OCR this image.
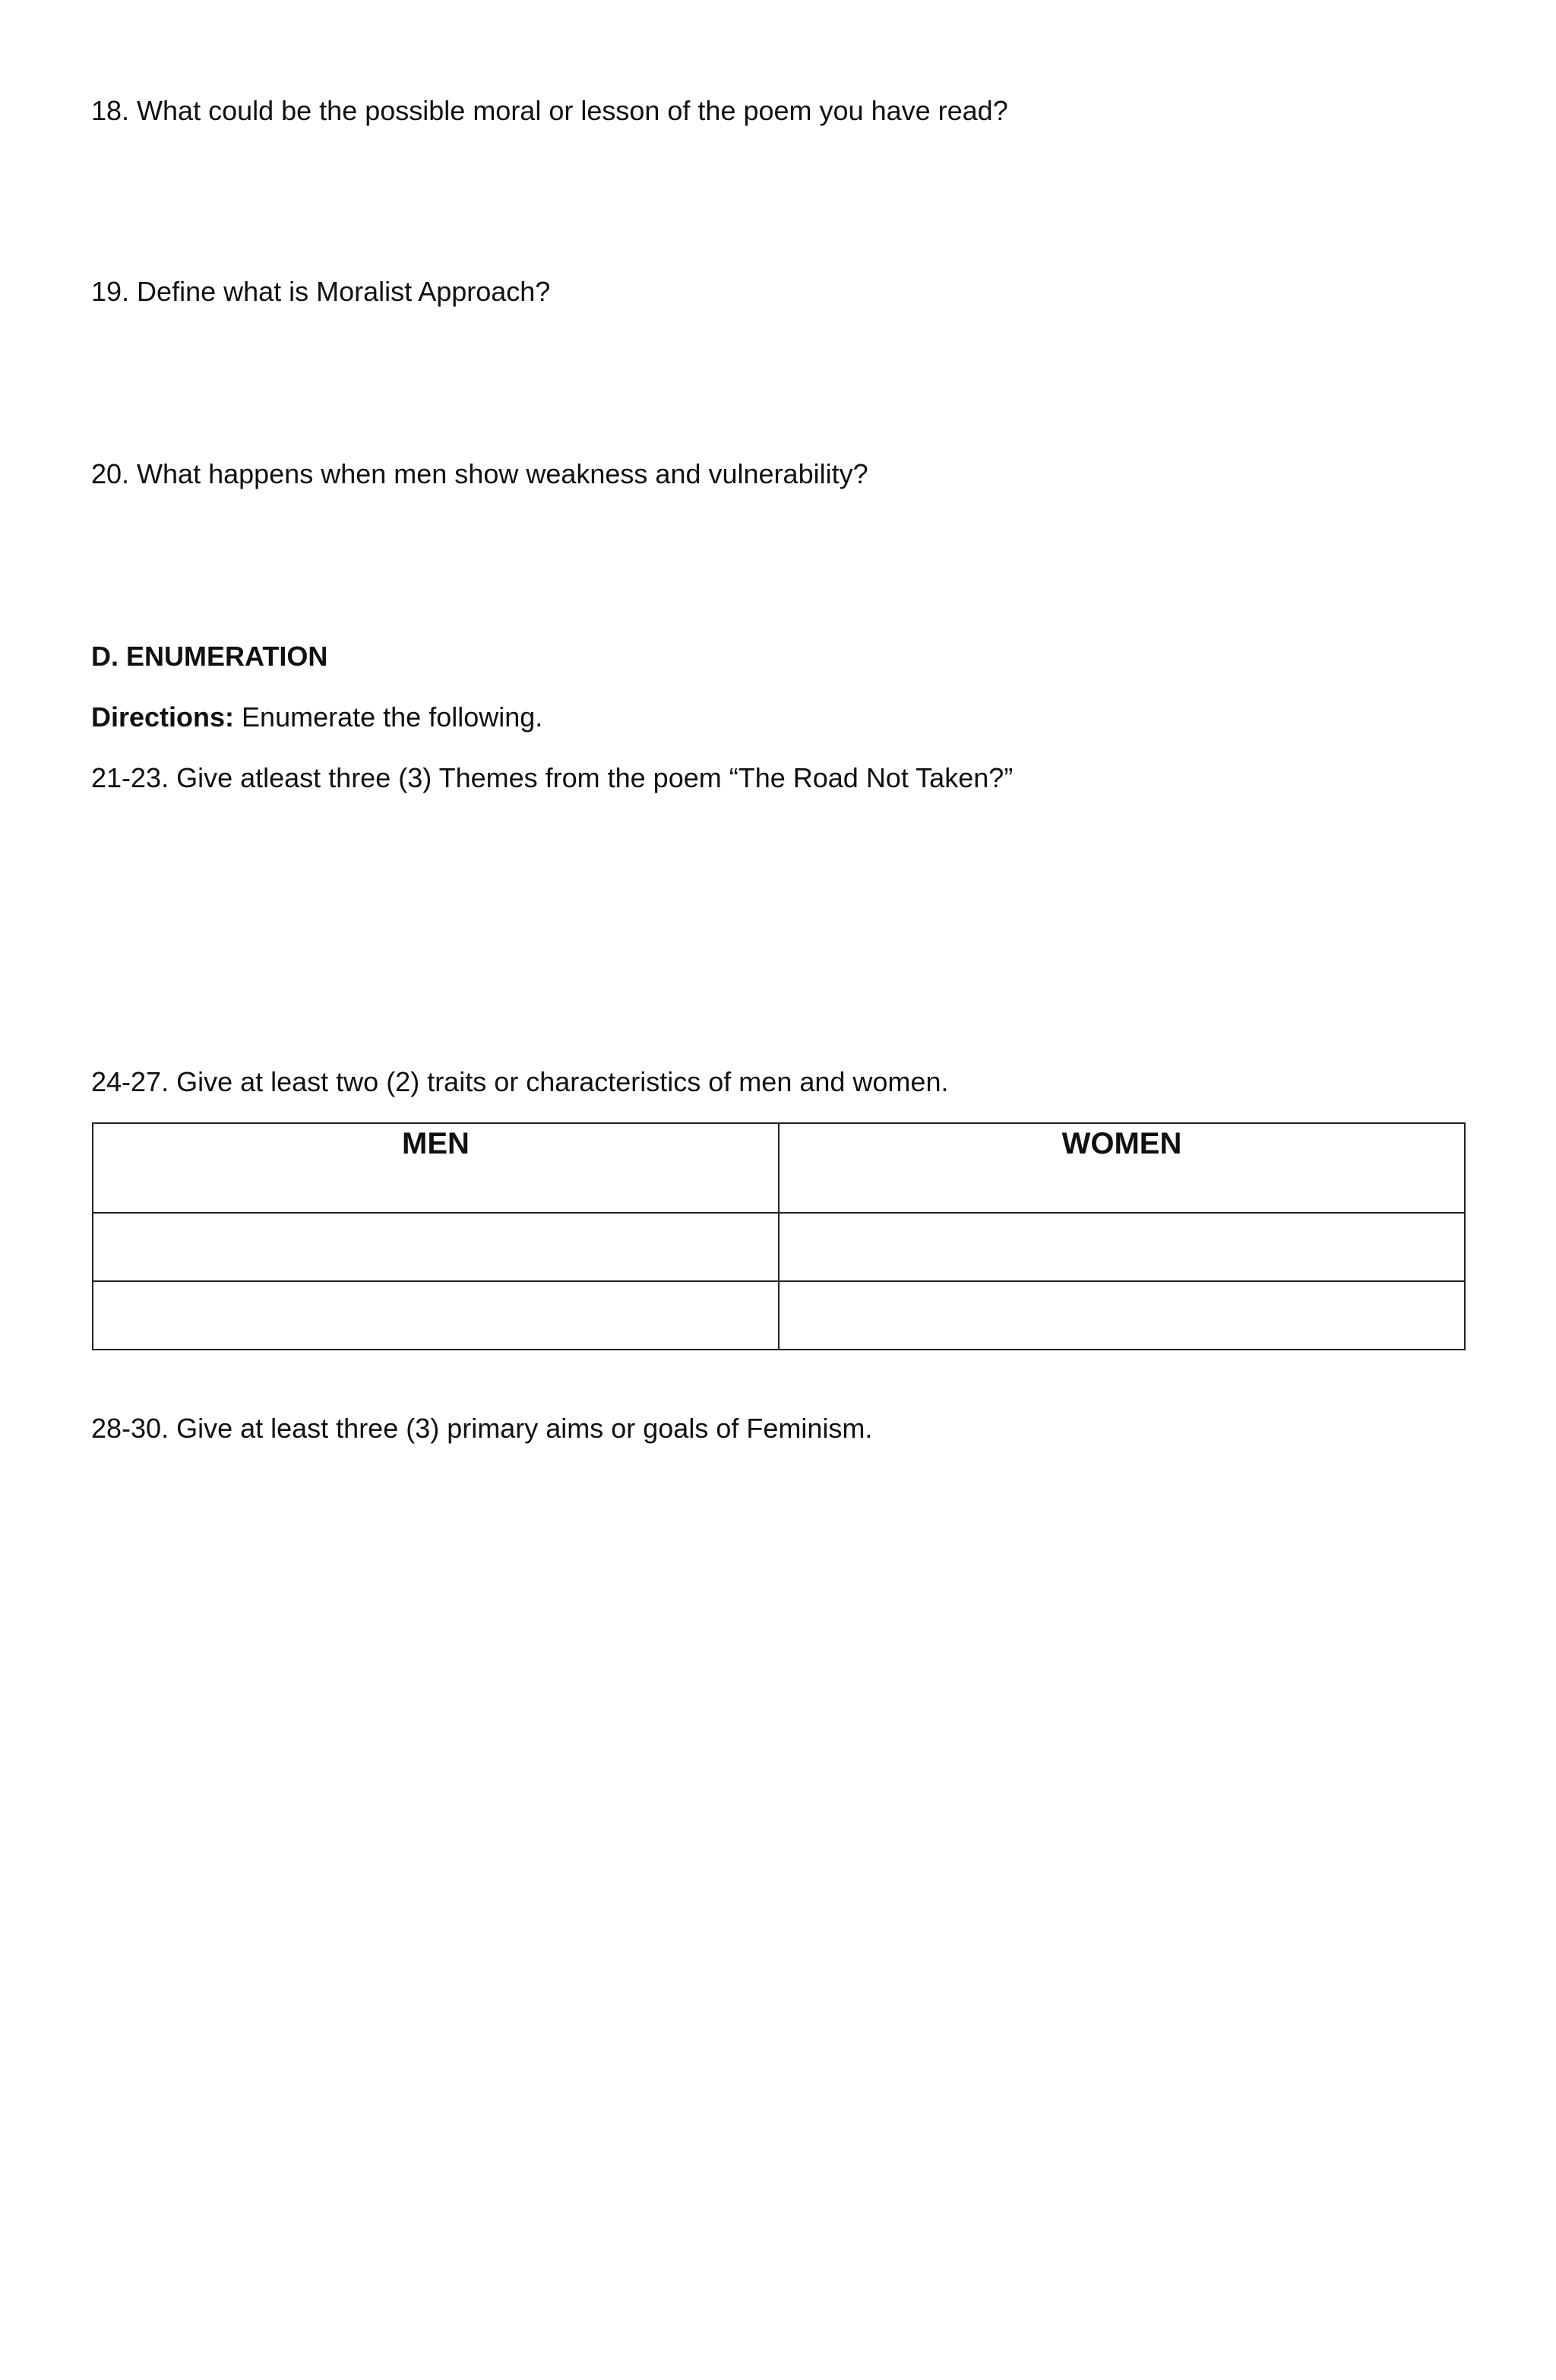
18. What could be the possible moral or lesson of the poem you have read?
19. Define what is Moralist Approach?
20. What happens when men show weakness and vulnerability?
D. ENUMERATION
Directions: Enumerate the following.
21-23. Give atleast three (3) Themes from the poem “The Road Not Taken?”
24-27. Give at least two (2) traits or characteristics of men and women.
MEN	WOMEN

28-30. Give at least three (3) primary aims or goals of Feminism.
